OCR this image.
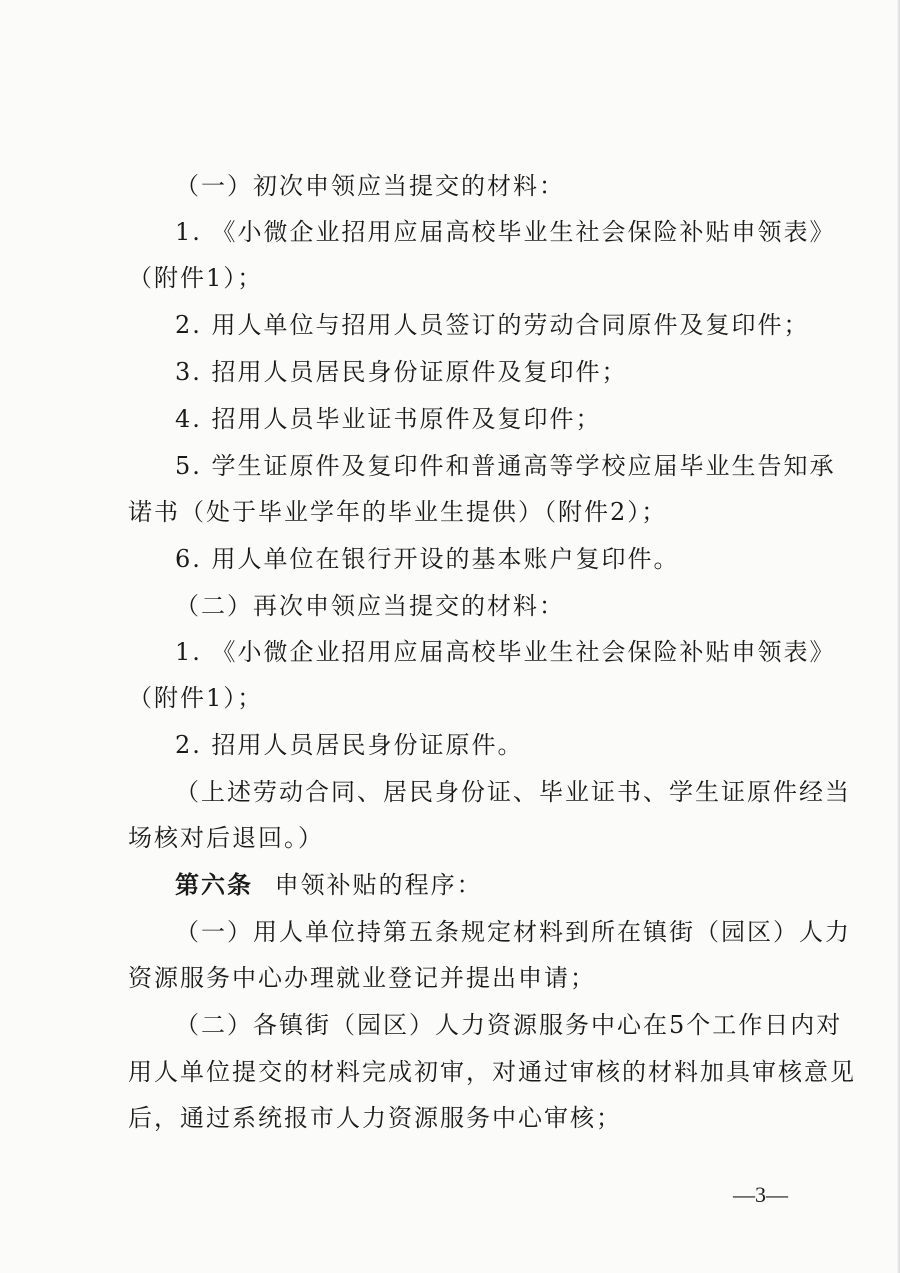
（一）初次申领应当提交的材料：
1. 《小微企业招用应届高校毕业生社会保险补贴申领表》
（附件1）；
2. 用人单位与招用人员签订的劳动合同原件及复印件；
3. 招用人员居民身份证原件及复印件；
4. 招用人员毕业证书原件及复印件；
5. 学生证原件及复印件和普通高等学校应届毕业生告知承
诺书（处于毕业学年的毕业生提供）（附件2）；
6. 用人单位在银行开设的基本账户复印件。
（二）再次申领应当提交的材料：
1. 《小微企业招用应届高校毕业生社会保险补贴申领表》
（附件1）；
2. 招用人员居民身份证原件。
（上述劳动合同、居民身份证、毕业证书、学生证原件经当
场核对后退回。）
第六条 申领补贴的程序：
（一）用人单位持第五条规定材料到所在镇街（园区）人力
资源服务中心办理就业登记并提出申请；
（二）各镇街（园区）人力资源服务中心在5个工作日内对
用人单位提交的材料完成初审，对通过审核的材料加具审核意见
后，通过系统报市人力资源服务中心审核；
—3—
